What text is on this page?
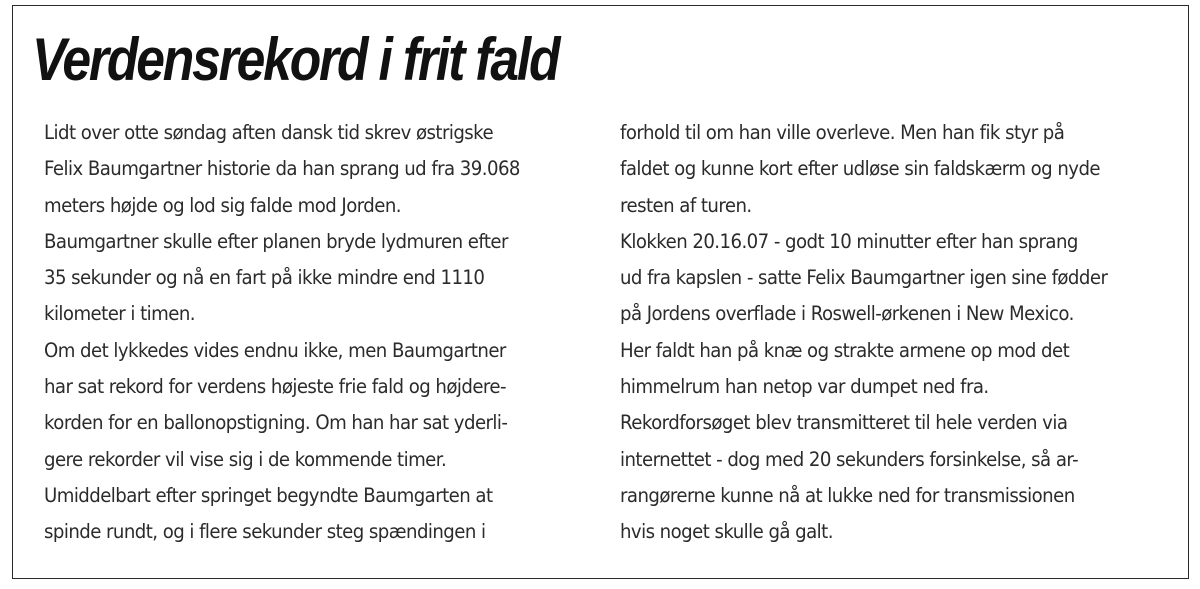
Verdensrekord i frit fald
Lidt over otte søndag aften dansk tid skrev østrigske
Felix Baumgartner historie da han sprang ud fra 39.068
meters højde og lod sig falde mod Jorden.
Baumgartner skulle efter planen bryde lydmuren efter
35 sekunder og nå en fart på ikke mindre end 1110
kilometer i timen.
Om det lykkedes vides endnu ikke, men Baumgartner
har sat rekord for verdens højeste frie fald og højdere-
korden for en ballonopstigning. Om han har sat yderli-
gere rekorder vil vise sig i de kommende timer.
Umiddelbart efter springet begyndte Baumgarten at
spinde rundt, og i flere sekunder steg spændingen i
forhold til om han ville overleve. Men han fik styr på
faldet og kunne kort efter udløse sin faldskærm og nyde
resten af turen.
Klokken 20.16.07 - godt 10 minutter efter han sprang
ud fra kapslen - satte Felix Baumgartner igen sine fødder
på Jordens overflade i Roswell-ørkenen i New Mexico.
Her faldt han på knæ og strakte armene op mod det
himmelrum han netop var dumpet ned fra.
Rekordforsøget blev transmitteret til hele verden via
internettet - dog med 20 sekunders forsinkelse, så ar-
rangørerne kunne nå at lukke ned for transmissionen
hvis noget skulle gå galt.
